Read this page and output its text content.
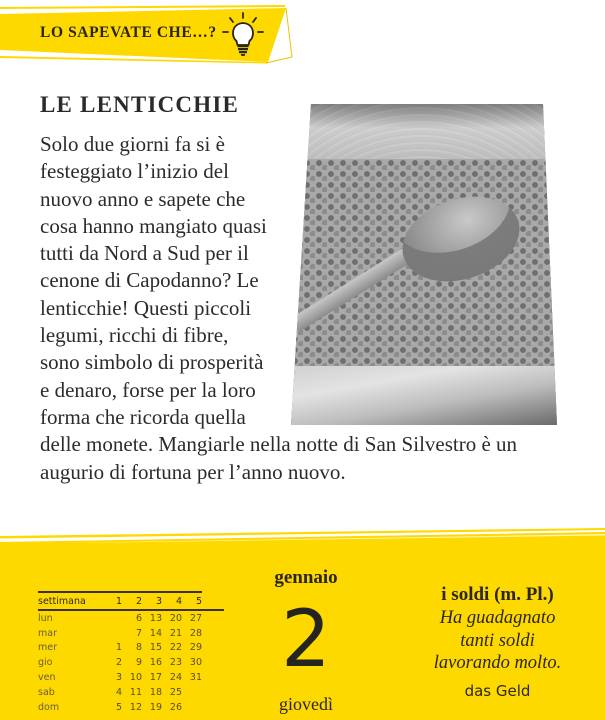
LO SAPEVATE CHE…?
LE LENTICCHIE
Solo due giorni fa si è
festeggiato l’inizio del
nuovo anno e sapete che
cosa hanno mangiato quasi
tutti da Nord a Sud per il
cenone di Capodanno? Le
lenticchie! Questi piccoli
legumi, ricchi di fibre,
sono simbolo di prosperità
e denaro, forse per la loro
forma che ricorda quella
delle monete. Mangiarle nella notte di San Silvestro è un
augurio di fortuna per l’anno nuovo.
settimana	1	2	3	4	5
lun		6	13	20	27
mar		7	14	21	28
mer	1	8	15	22	29
gio	2	9	16	23	30
ven	3	10	17	24	31
sab	4	11	18	25	
dom	5	12	19	26	
gennaio
2
giovedì
i soldi (m. Pl.)
Ha guadagnato
tanti soldi
lavorando molto.
das Geld
